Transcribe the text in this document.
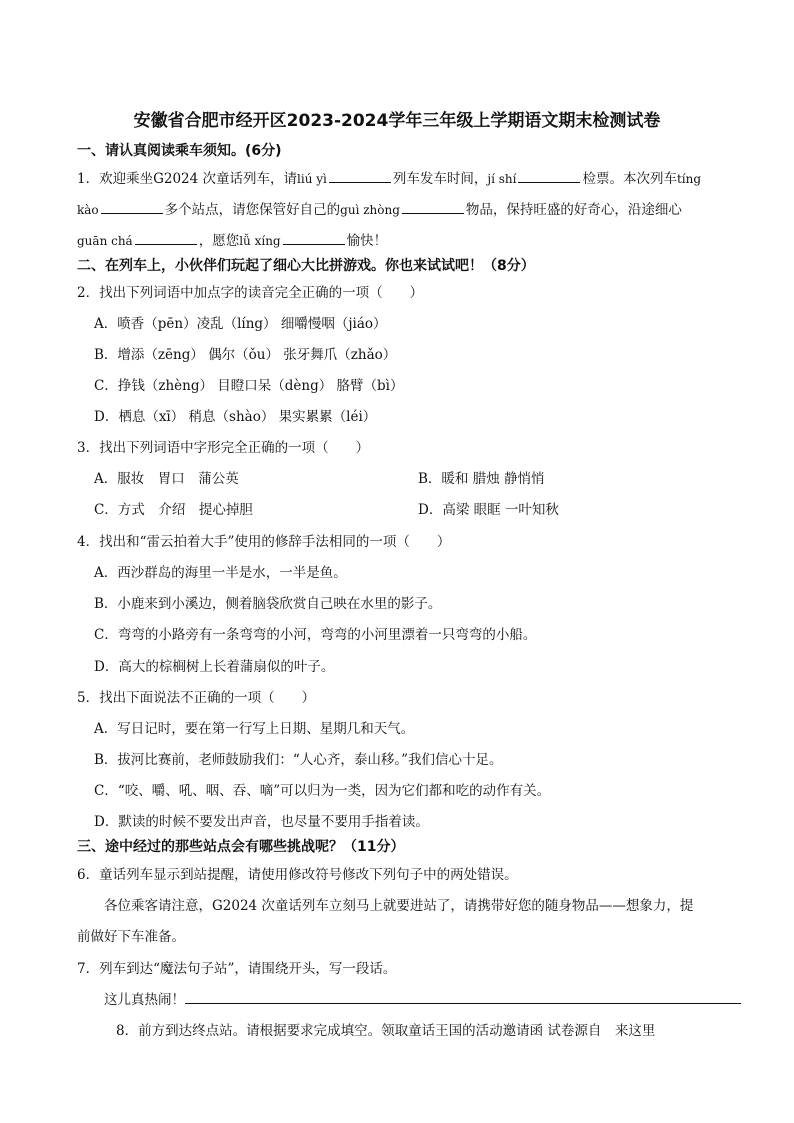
安徽省合肥市经开区2023-2024学年三年级上学期语文期末检测试卷
一、请认真阅读乘车须知。(6分)
1．欢迎乘坐G2024 次童话列车，请liú yì	列车发车时间，jí shí	检票。本次列车tíng
kào	多个站点，请您保管好自己的guì zhòng	物品，保持旺盛的好奇心，沿途细心
guān chá	，愿您lǚ xíng	愉快！
二、在列车上，小伙伴们玩起了细心大比拼游戏。你也来试试吧！（8分）
2．找出下列词语中加点字的读音完全正确的一项（　　）
A．喷香（pēn）凌乱（líng） 细嚼慢咽（jiáo）
B．增添（zēng） 偶尔（ǒu） 张牙舞爪（zhǎo）
C．挣钱（zhèng） 目瞪口呆（dèng） 胳臂（bì）
D．栖息（xī） 稍息（shào） 果实累累（léi）
3．找出下列词语中字形完全正确的一项（　　）
A．服妆　胃口　蒲公英	B．暖和 腊烛 静悄悄
C．方式　介绍　提心掉胆	D．高梁 眼眶 一叶知秋
4．找出和“雷云拍着大手”使用的修辞手法相同的一项（　　）
A．西沙群岛的海里一半是水，一半是鱼。
B．小鹿来到小溪边，侧着脑袋欣赏自己映在水里的影子。
C．弯弯的小路旁有一条弯弯的小河，弯弯的小河里漂着一只弯弯的小船。
D．高大的棕榈树上长着蒲扇似的叶子。
5．找出下面说法不正确的一项（　　）
A．写日记时，要在第一行写上日期、星期几和天气。
B．拔河比赛前，老师鼓励我们：“人心齐，泰山移。”我们信心十足。
C．“咬、嚼、吼、咽、吞、嘀”可以归为一类，因为它们都和吃的动作有关。
D．默读的时候不要发出声音，也尽量不要用手指着读。
三、途中经过的那些站点会有哪些挑战呢？（11分）
6．童话列车显示到站提醒，请使用修改符号修改下列句子中的两处错误。
各位乘客请注意，G2024 次童话列车立刻马上就要进站了，请携带好您的随身物品——想象力，提
前做好下车准备。
7．列车到达“魔法句子站”，请围绕开头，写一段话。
这儿真热闹！
8．前方到达终点站。请根据要求完成填空。领取童话王国的活动邀请函 试卷源自　来这里
